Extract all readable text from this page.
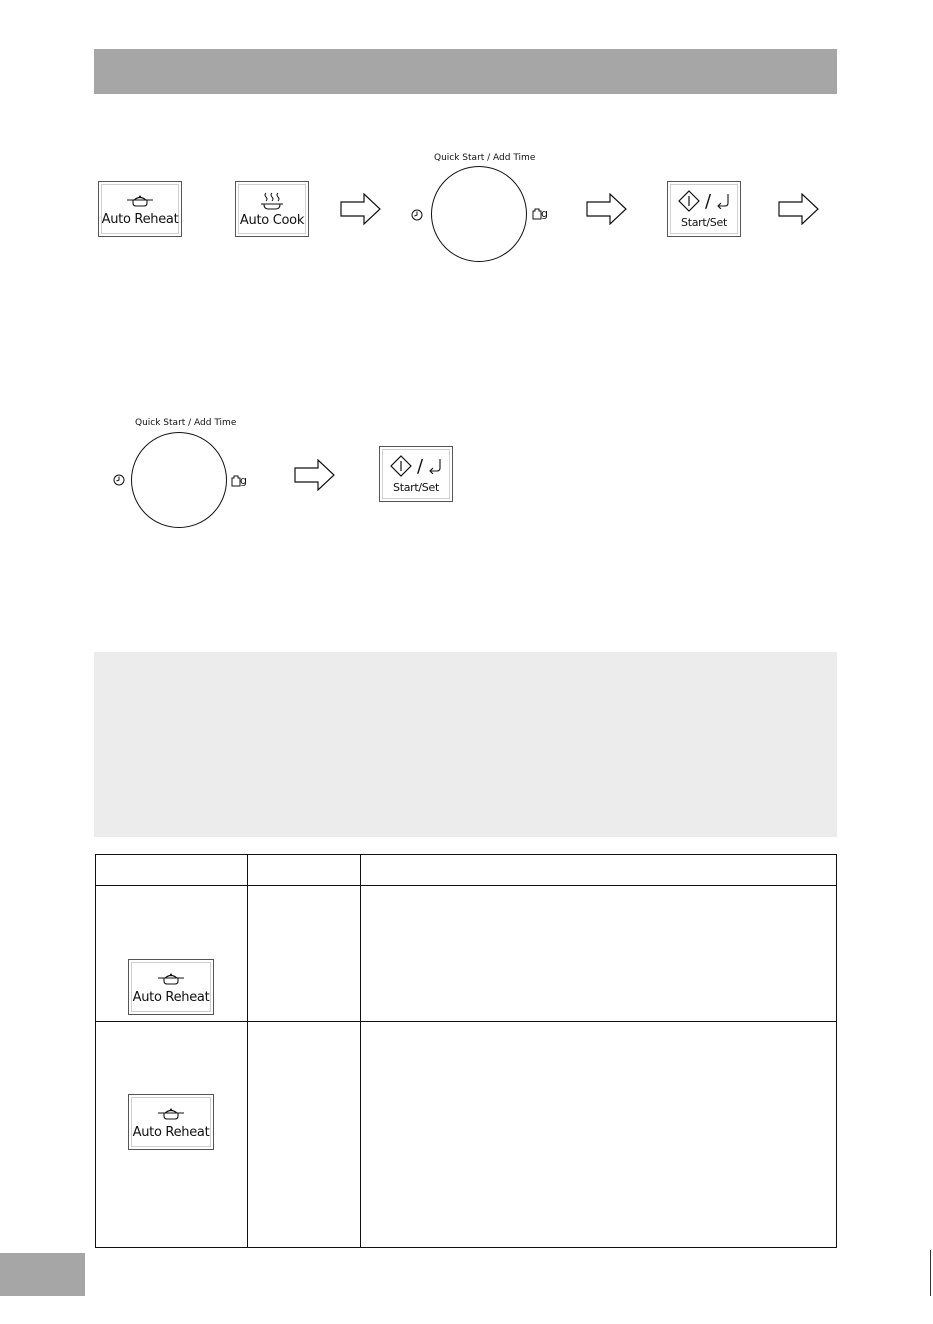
Auto Reheat	Auto Cook
Quick Start / Add Time
g
/
Start/Set
Quick Start / Add Time
g
/
Start/Set

Auto Reheat		

Auto Reheat		
